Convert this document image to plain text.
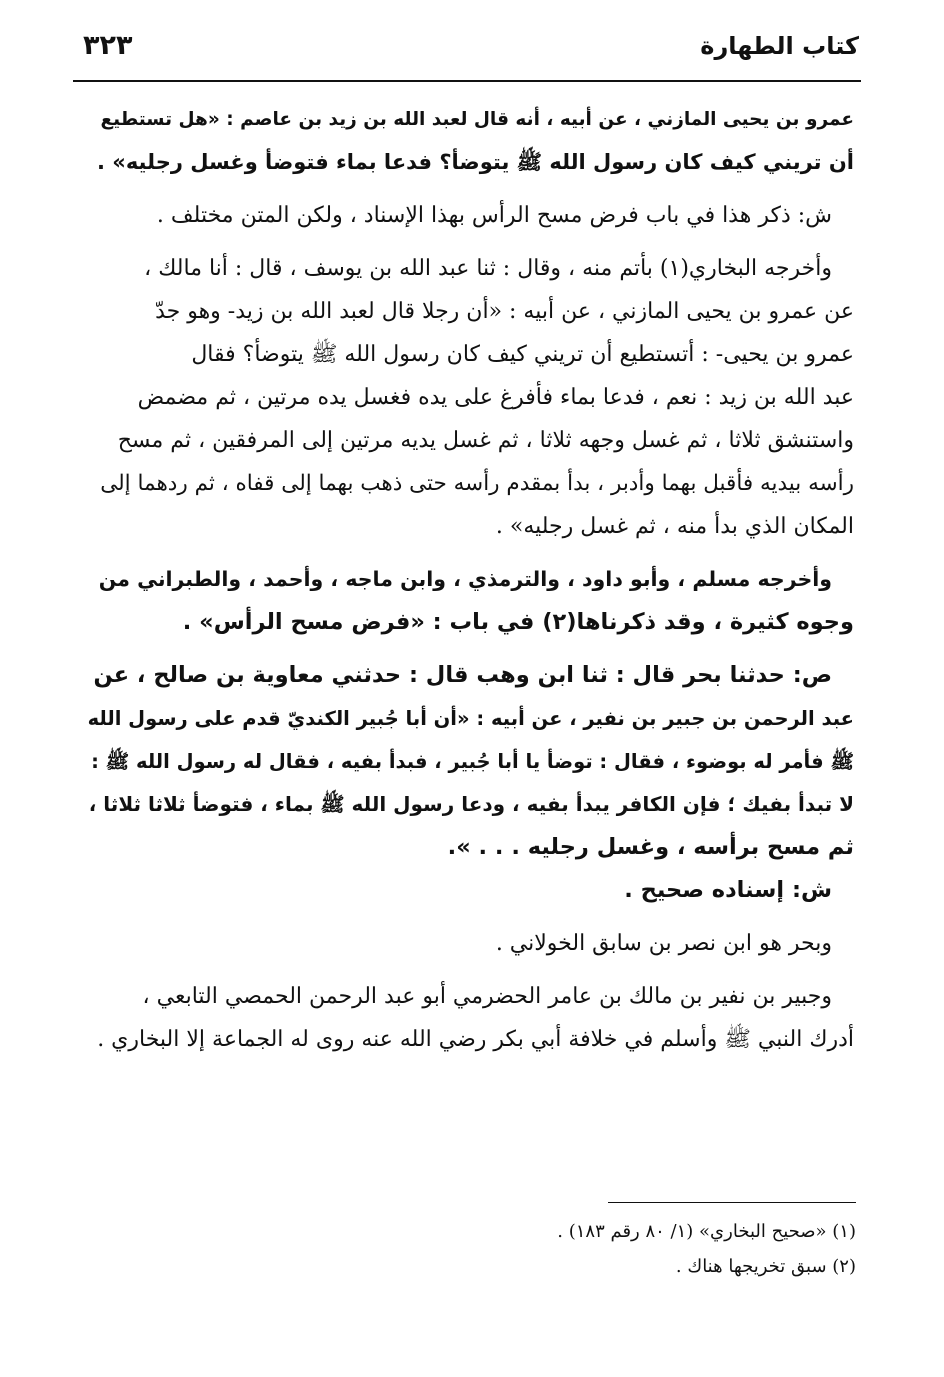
كتاب الطهارة
٣٢٣
عمرو بن يحيى المازني ، عن أبيه ، أنه قال لعبد الله بن زيد بن عاصم : «هل تستطيع
أن تريني كيف كان رسول الله ﷺ يتوضأ؟ فدعا بماء فتوضأ وغسل رجليه» .
ش: ذكر هذا في باب فرض مسح الرأس بهذا الإسناد ، ولكن المتن مختلف .
وأخرجه البخاري(١) بأتم منه ، وقال : ثنا عبد الله بن يوسف ، قال : أنا مالك ،
عن عمرو بن يحيى المازني ، عن أبيه : «أن رجلا قال لعبد الله بن زيد- وهو جدّ
عمرو بن يحيى- : أتستطيع أن تريني كيف كان رسول الله ﷺ يتوضأ؟ فقال
عبد الله بن زيد : نعم ، فدعا بماء فأفرغ على يده فغسل يده مرتين ، ثم مضمض
واستنشق ثلاثا ، ثم غسل وجهه ثلاثا ، ثم غسل يديه مرتين إلى المرفقين ، ثم مسح
رأسه بيديه فأقبل بهما وأدبر ، بدأ بمقدم رأسه حتى ذهب بهما إلى قفاه ، ثم ردهما إلى
المكان الذي بدأ منه ، ثم غسل رجليه» .
وأخرجه مسلم ، وأبو داود ، والترمذي ، وابن ماجه ، وأحمد ، والطبراني من
وجوه كثيرة ، وقد ذكرناها(٢) في باب : «فرض مسح الرأس» .
ص: حدثنا بحر قال : ثنا ابن وهب قال : حدثني معاوية بن صالح ، عن
عبد الرحمن بن جبير بن نفير ، عن أبيه : «أن أبا جُبير الكنديّ قدم على رسول الله
ﷺ فأمر له بوضوء ، فقال : توضأ يا أبا جُبير ، فبدأ بفيه ، فقال له رسول الله ﷺ :
لا تبدأ بفيك ؛ فإن الكافر يبدأ بفيه ، ودعا رسول الله ﷺ بماء ، فتوضأ ثلاثا ثلاثا ،
ثم مسح برأسه ، وغسل رجليه . . . ».
ش: إسناده صحيح .
وبحر هو ابن نصر بن سابق الخولاني .
وجبير بن نفير بن مالك بن عامر الحضرمي أبو عبد الرحمن الحمصي التابعي ،
أدرك النبي ﷺ وأسلم في خلافة أبي بكر رضي الله عنه روى له الجماعة إلا البخاري .
(١) «صحيح البخاري» (١/ ٨٠ رقم ١٨٣) .
(٢) سبق تخريجها هناك .
